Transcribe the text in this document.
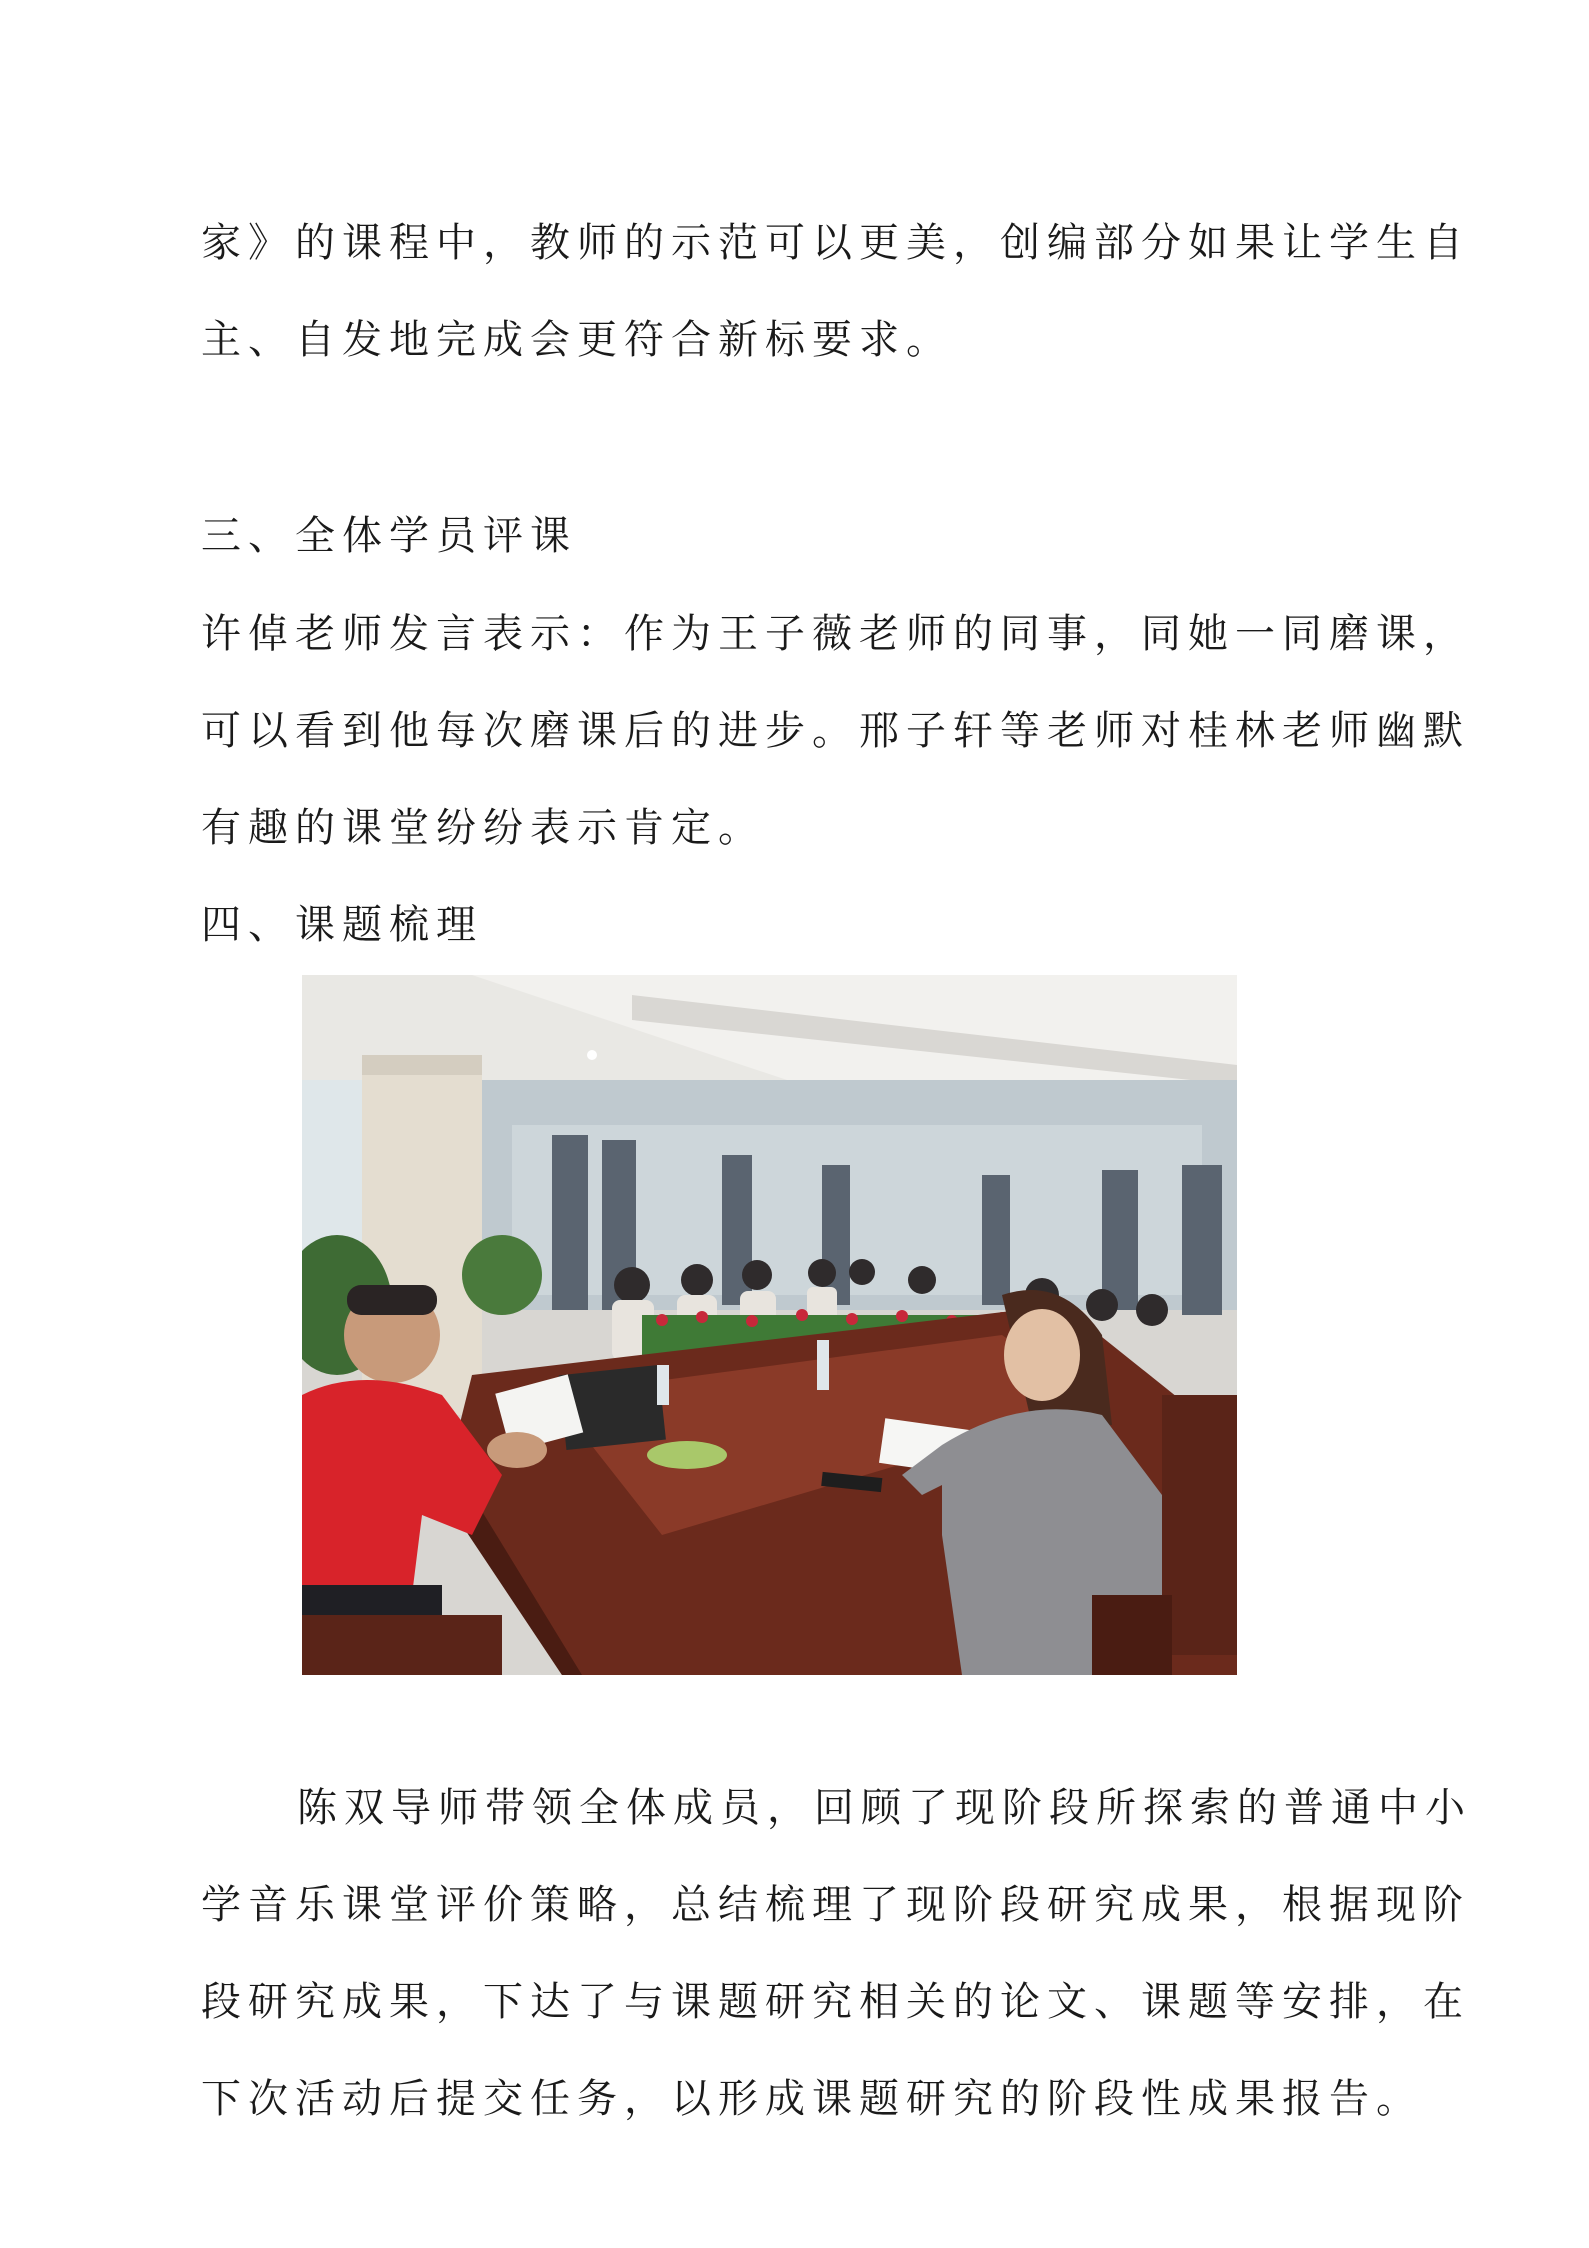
家》的课程中，教师的示范可以更美，创编部分如果让学生自
主、自发地完成会更符合新标要求。
三、全体学员评课
许倬老师发言表示：作为王子薇老师的同事，同她一同磨课，
可以看到他每次磨课后的进步。邢子轩等老师对桂林老师幽默
有趣的课堂纷纷表示肯定。
四、课题梳理
陈双导师带领全体成员，回顾了现阶段所探索的普通中小
学音乐课堂评价策略，总结梳理了现阶段研究成果，根据现阶
段研究成果，下达了与课题研究相关的论文、课题等安排，在
下次活动后提交任务，以形成课题研究的阶段性成果报告。
